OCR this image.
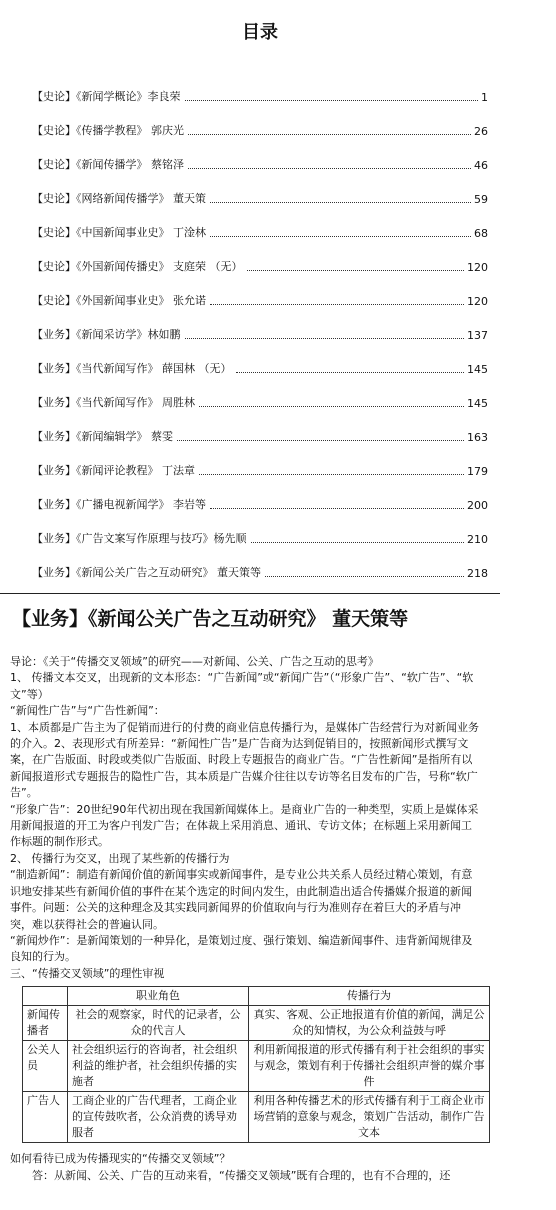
目录
【史论】《新闻学概论》李良荣	1
【史论】《传播学教程》 郭庆光	26
【史论】《新闻传播学》 蔡铭泽	46
【史论】《网络新闻传播学》 董天策	59
【史论】《中国新闻事业史》 丁淦林	68
【史论】《外国新闻传播史》 支庭荣 （无）	120
【史论】《外国新闻事业史》 张允诺	120
【业务】《新闻采访学》林如鹏	137
【业务】《当代新闻写作》 薛国林 （无）	145
【业务】《当代新闻写作》 周胜林	145
【业务】《新闻编辑学》 蔡雯	163
【业务】《新闻评论教程》 丁法章	179
【业务】《广播电视新闻学》 李岩等	200
【业务】《广告文案写作原理与技巧》杨先顺	210
【业务】《新闻公关广告之互动研究》 董天策等	218
【业务】《新闻公关广告之互动研究》 董天策等

导论：《关于“传播交叉领域”的研究——对新闻、公关、广告之互动的思考》

1、 传播文本交叉，出现新的文本形态：“广告新闻”或“新闻广告”（“形象广告”、“软广告”、“软文”等）

“新闻性广告”与“广告性新闻”：

1、本质都是广告主为了促销而进行的付费的商业信息传播行为，是媒体广告经营行为对新闻业务的介入。2、表现形式有所差异：“新闻性广告”是广告商为达到促销目的，按照新闻形式撰写文案，在广告版面、时段或类似广告版面、时段上专题报告的商业广告。“广告性新闻”是指所有以新闻报道形式专题报告的隐性广告，其本质是广告媒介往往以专访等名目发布的广告，号称“软广告”。

“形象广告”：20世纪90年代初出现在我国新闻媒体上。是商业广告的一种类型，实质上是媒体采用新闻报道的开工为客户刊发广告；在体裁上采用消息、通讯、专访文体；在标题上采用新闻工作标题的制作形式。

2、 传播行为交叉，出现了某些新的传播行为

“制造新闻”：制造有新闻价值的新闻事实或新闻事件，是专业公共关系人员经过精心策划，有意识地安排某些有新闻价值的事件在某个选定的时间内发生，由此制造出适合传播媒介报道的新闻事件。问题：公关的这种理念及其实践同新闻界的价值取向与行为准则存在着巨大的矛盾与冲突，难以获得社会的普遍认同。

“新闻炒作”：是新闻策划的一种异化，是策划过度、强行策划、编造新闻事件、违背新闻规律及良知的行为。

三、“传播交叉领域”的理性审视

	职业角色	传播行为
新闻传播者	社会的观察家，时代的记录者，公众的代言人	真实、客观、公正地报道有价值的新闻，满足公众的知情权，为公众利益鼓与呼
公关人员	社会组织运行的咨询者，社会组织利益的维护者，社会组织传播的实施者	利用新闻报道的形式传播有利于社会组织的事实与观念，策划有利于传播社会组织声誉的媒介事件
广告人	工商企业的广告代理者，工商企业的宣传鼓吹者，公众消费的诱导劝服者	利用各种传播艺术的形式传播有利于工商企业市场营销的意象与观念，策划广告活动，制作广告文本

如何看待已成为传播现实的“传播交叉领域”？

答：从新闻、公关、广告的互动来看，“传播交叉领域”既有合理的，也有不合理的，还
